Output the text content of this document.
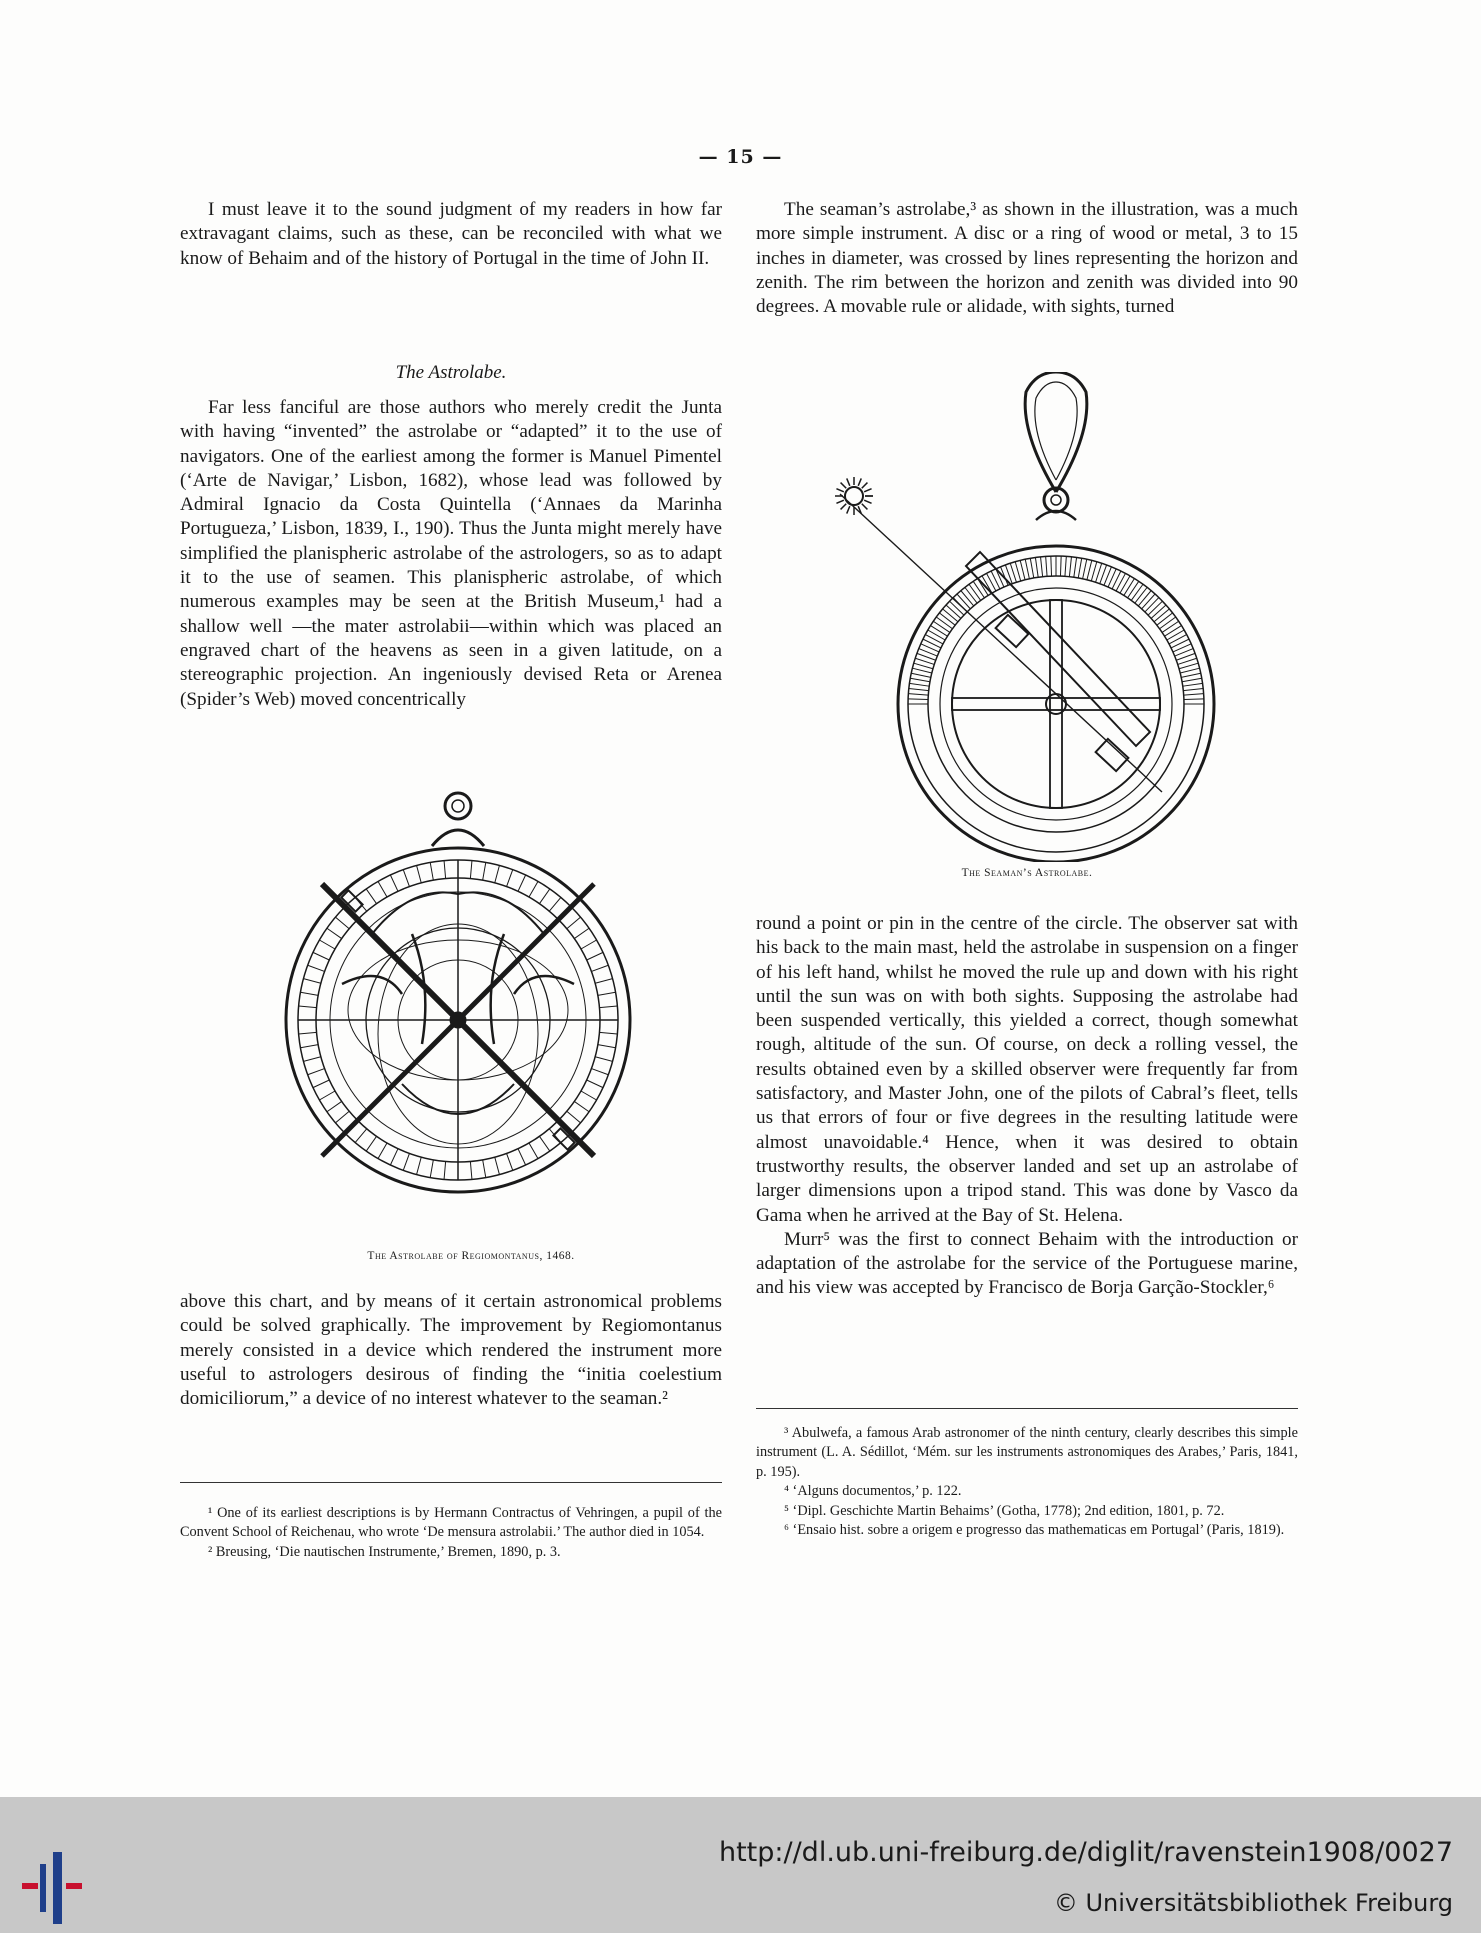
— 15 —

I must leave it to the sound judgment of my readers in how far extravagant claims, such as these, can be reconciled with what we know of Behaim and of the history of Portugal in the time of John II.

The Astrolabe.

Far less fanciful are those authors who merely credit the Junta with having “invented” the astrolabe or “adapted” it to the use of navigators. One of the earliest among the former is Manuel Pimentel (‘Arte de Navigar,’ Lisbon, 1682), whose lead was followed by Admiral Ignacio da Costa Quintella (‘Annaes da Marinha Portugueza,’ Lisbon, 1839, I., 190). Thus the Junta might merely have simplified the planispheric astrolabe of the astrologers, so as to adapt it to the use of seamen. This planispheric astrolabe, of which numerous examples may be seen at the British Museum,¹ had a shallow well —the mater astrolabii—within which was placed an engraved chart of the heavens as seen in a given latitude, on a stereographic projection. An ingeniously devised Reta or Arenea (Spider’s Web) moved concentrically

The Astrolabe of Regiomontanus, 1468.

above this chart, and by means of it certain astronomical problems could be solved graphically. The improvement by Regiomontanus merely consisted in a device which rendered the instrument more useful to astrologers desirous of finding the “initia coelestium domiciliorum,” a device of no interest whatever to the seaman.²

¹ One of its earliest descriptions is by Hermann Contractus of Vehringen, a pupil of the Convent School of Reichenau, who wrote ‘De mensura astrolabii.’ The author died in 1054.

² Breusing, ‘Die nautischen Instrumente,’ Bremen, 1890, p. 3.

The seaman’s astrolabe,³ as shown in the illustration, was a much more simple instrument. A disc or a ring of wood or metal, 3 to 15 inches in diameter, was crossed by lines representing the horizon and zenith. The rim between the horizon and zenith was divided into 90 degrees. A movable rule or alidade, with sights, turned

The Seaman’s Astrolabe.

round a point or pin in the centre of the circle. The observer sat with his back to the main mast, held the astrolabe in suspension on a finger of his left hand, whilst he moved the rule up and down with his right until the sun was on with both sights. Supposing the astrolabe had been suspended vertically, this yielded a correct, though somewhat rough, altitude of the sun. Of course, on deck a rolling vessel, the results obtained even by a skilled observer were frequently far from satisfactory, and Master John, one of the pilots of Cabral’s fleet, tells us that errors of four or five degrees in the resulting latitude were almost unavoidable.⁴ Hence, when it was desired to obtain trustworthy results, the observer landed and set up an astrolabe of larger dimensions upon a tripod stand. This was done by Vasco da Gama when he arrived at the Bay of St. Helena.

Murr⁵ was the first to connect Behaim with the introduction or adaptation of the astrolabe for the service of the Portuguese marine, and his view was accepted by Francisco de Borja Garção-Stockler,⁶

³ Abulwefa, a famous Arab astronomer of the ninth century, clearly describes this simple instrument (L. A. Sédillot, ‘Mém. sur les instruments astronomiques des Arabes,’ Paris, 1841, p. 195).

⁴ ‘Alguns documentos,’ p. 122.

⁵ ‘Dipl. Geschichte Martin Behaims’ (Gotha, 1778); 2nd edition, 1801, p. 72.

⁶ ‘Ensaio hist. sobre a origem e progresso das mathematicas em Portugal’ (Paris, 1819).

http://dl.ub.uni-freiburg.de/diglit/ravenstein1908/0027
© Universitätsbibliothek Freiburg
